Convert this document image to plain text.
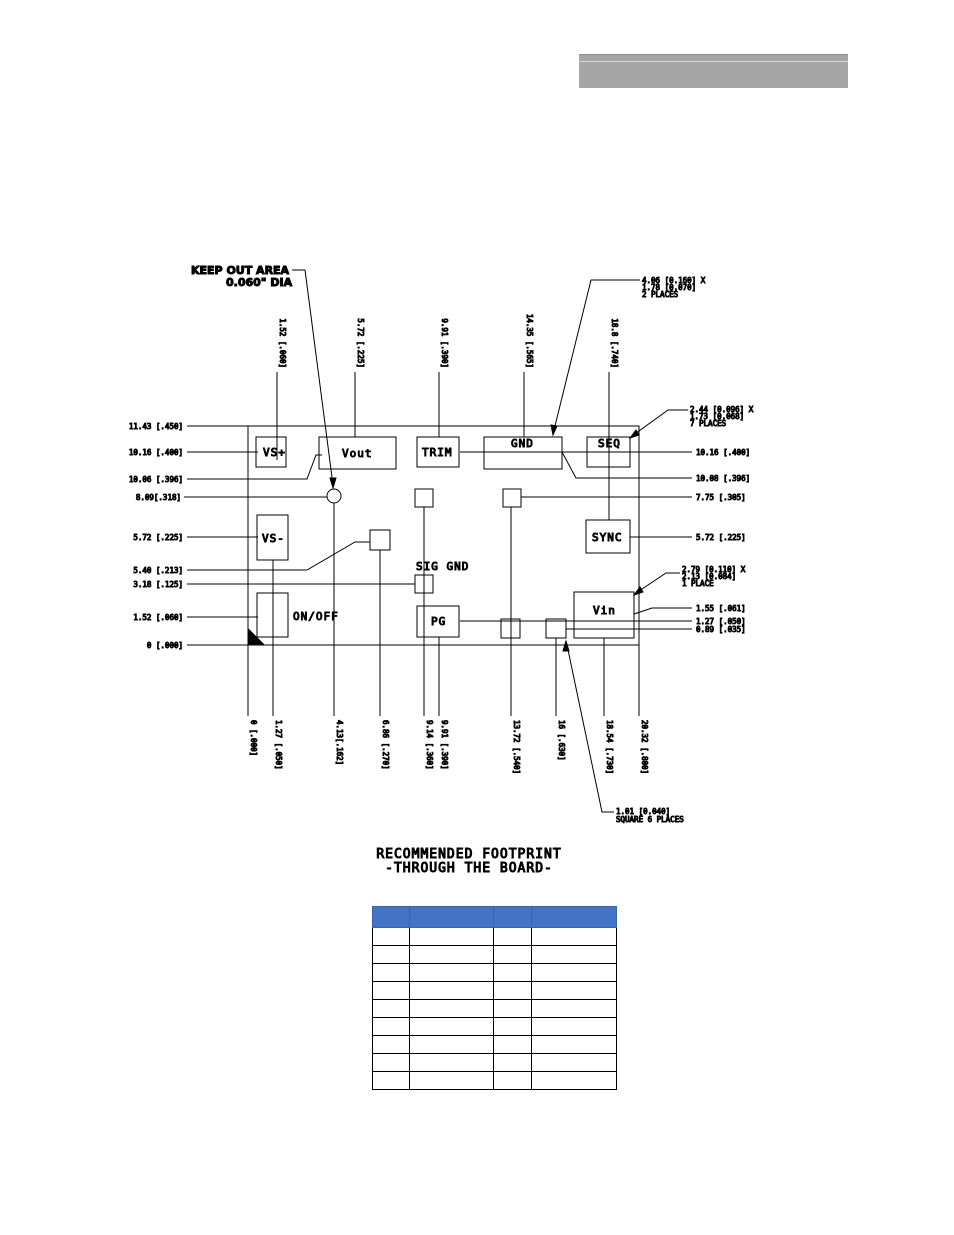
KEEP OUT AREA
0.060" DIA
VS+	Vout	TRIM
GND	SEQ
VS-	SYNC
SIG GND
ON/OFF	PG
Vin
1.52 [.060]	5.72 [.225]	9.91 [.390]	14.35 [.565]	18.8 [.740]
11.43 [.450]
10.16 [.400]
10.06 [.396]
8.09[.318]
5.72 [.225]
5.40 [.213]
3.18 [.125]
1.52 [.060]
0 [.000]
10.16 [.400]
10.08 [.396]
7.75 [.305]
5.72 [.225]
1.55 [.061]
1.27 [.050]
0.89 [.035]
0 [.000] 1.27 [.050]	4.13[.162]	6.86 [.270]	9.14 [.360] 9.91 [.390]	13.72 [.540]	16 [.630]	18.54 [.730]	20.32 [.800]
4.06 [0.160] X
1.78 [0.070]
2 PLACES
2.44 [0.096] X
1.73 [0.068]
7 PLACES
2.79 [0.110] X
2.13 [0.084]
1 PLACE
1.01 [0.040]
SQUARE 6 PLACES
RECOMMENDED FOOTPRINT
-THROUGH THE BOARD-
